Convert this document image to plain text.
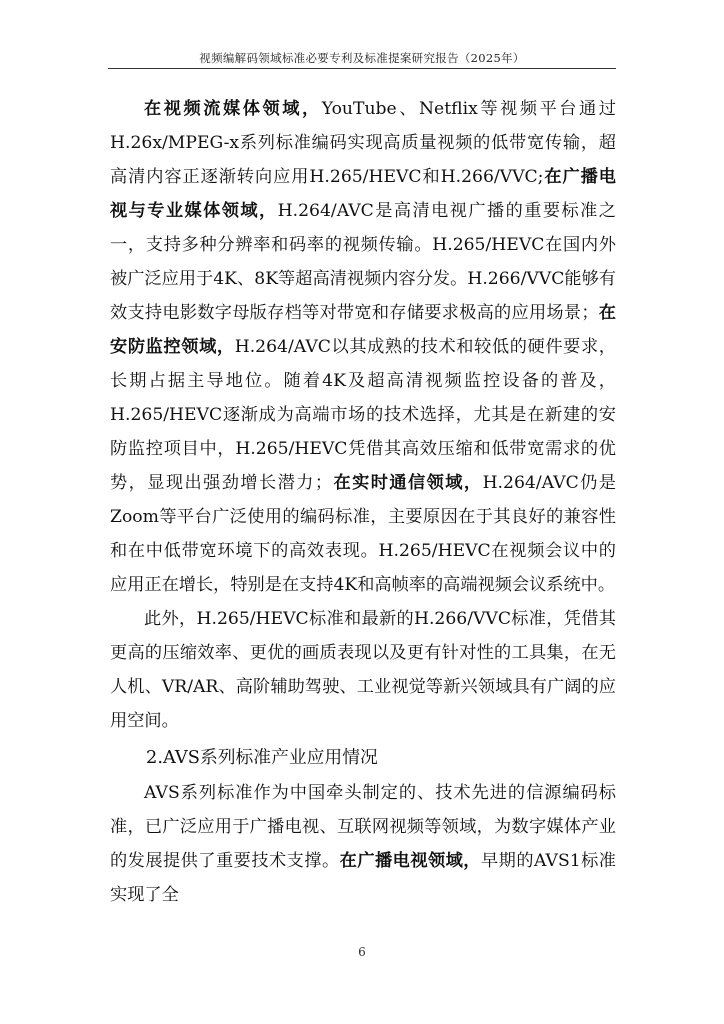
视频编解码领域标准必要专利及标准提案研究报告（2025年）

在视频流媒体领域，YouTube、Netflix等视频平台通过H.26x/MPEG-x系列标准编码实现高质量视频的低带宽传输，超高清内容正逐渐转向应用H.265/HEVC和H.266/VVC;在广播电视与专业媒体领域，H.264/AVC是高清电视广播的重要标准之一，支持多种分辨率和码率的视频传输。H.265/HEVC在国内外被广泛应用于4K、8K等超高清视频内容分发。H.266/VVC能够有效支持电影数字母版存档等对带宽和存储要求极高的应用场景；在安防监控领域，H.264/AVC以其成熟的技术和较低的硬件要求，长期占据主导地位。随着4K及超高清视频监控设备的普及，H.265/HEVC逐渐成为高端市场的技术选择，尤其是在新建的安防监控项目中，H.265/HEVC凭借其高效压缩和低带宽需求的优势，显现出强劲增长潜力；在实时通信领域，H.264/AVC仍是Zoom等平台广泛使用的编码标准，主要原因在于其良好的兼容性和在中低带宽环境下的高效表现。H.265/HEVC在视频会议中的应用正在增长，特别是在支持4K和高帧率的高端视频会议系统中。

此外，H.265/HEVC标准和最新的H.266/VVC标准，凭借其更高的压缩效率、更优的画质表现以及更有针对性的工具集，在无人机、VR/AR、高阶辅助驾驶、工业视觉等新兴领域具有广阔的应用空间。

2.AVS系列标准产业应用情况

AVS系列标准作为中国牵头制定的、技术先进的信源编码标准，已广泛应用于广播电视、互联网视频等领域，为数字媒体产业的发展提供了重要技术支撑。在广播电视领域，早期的AVS1标准实现了全

6
